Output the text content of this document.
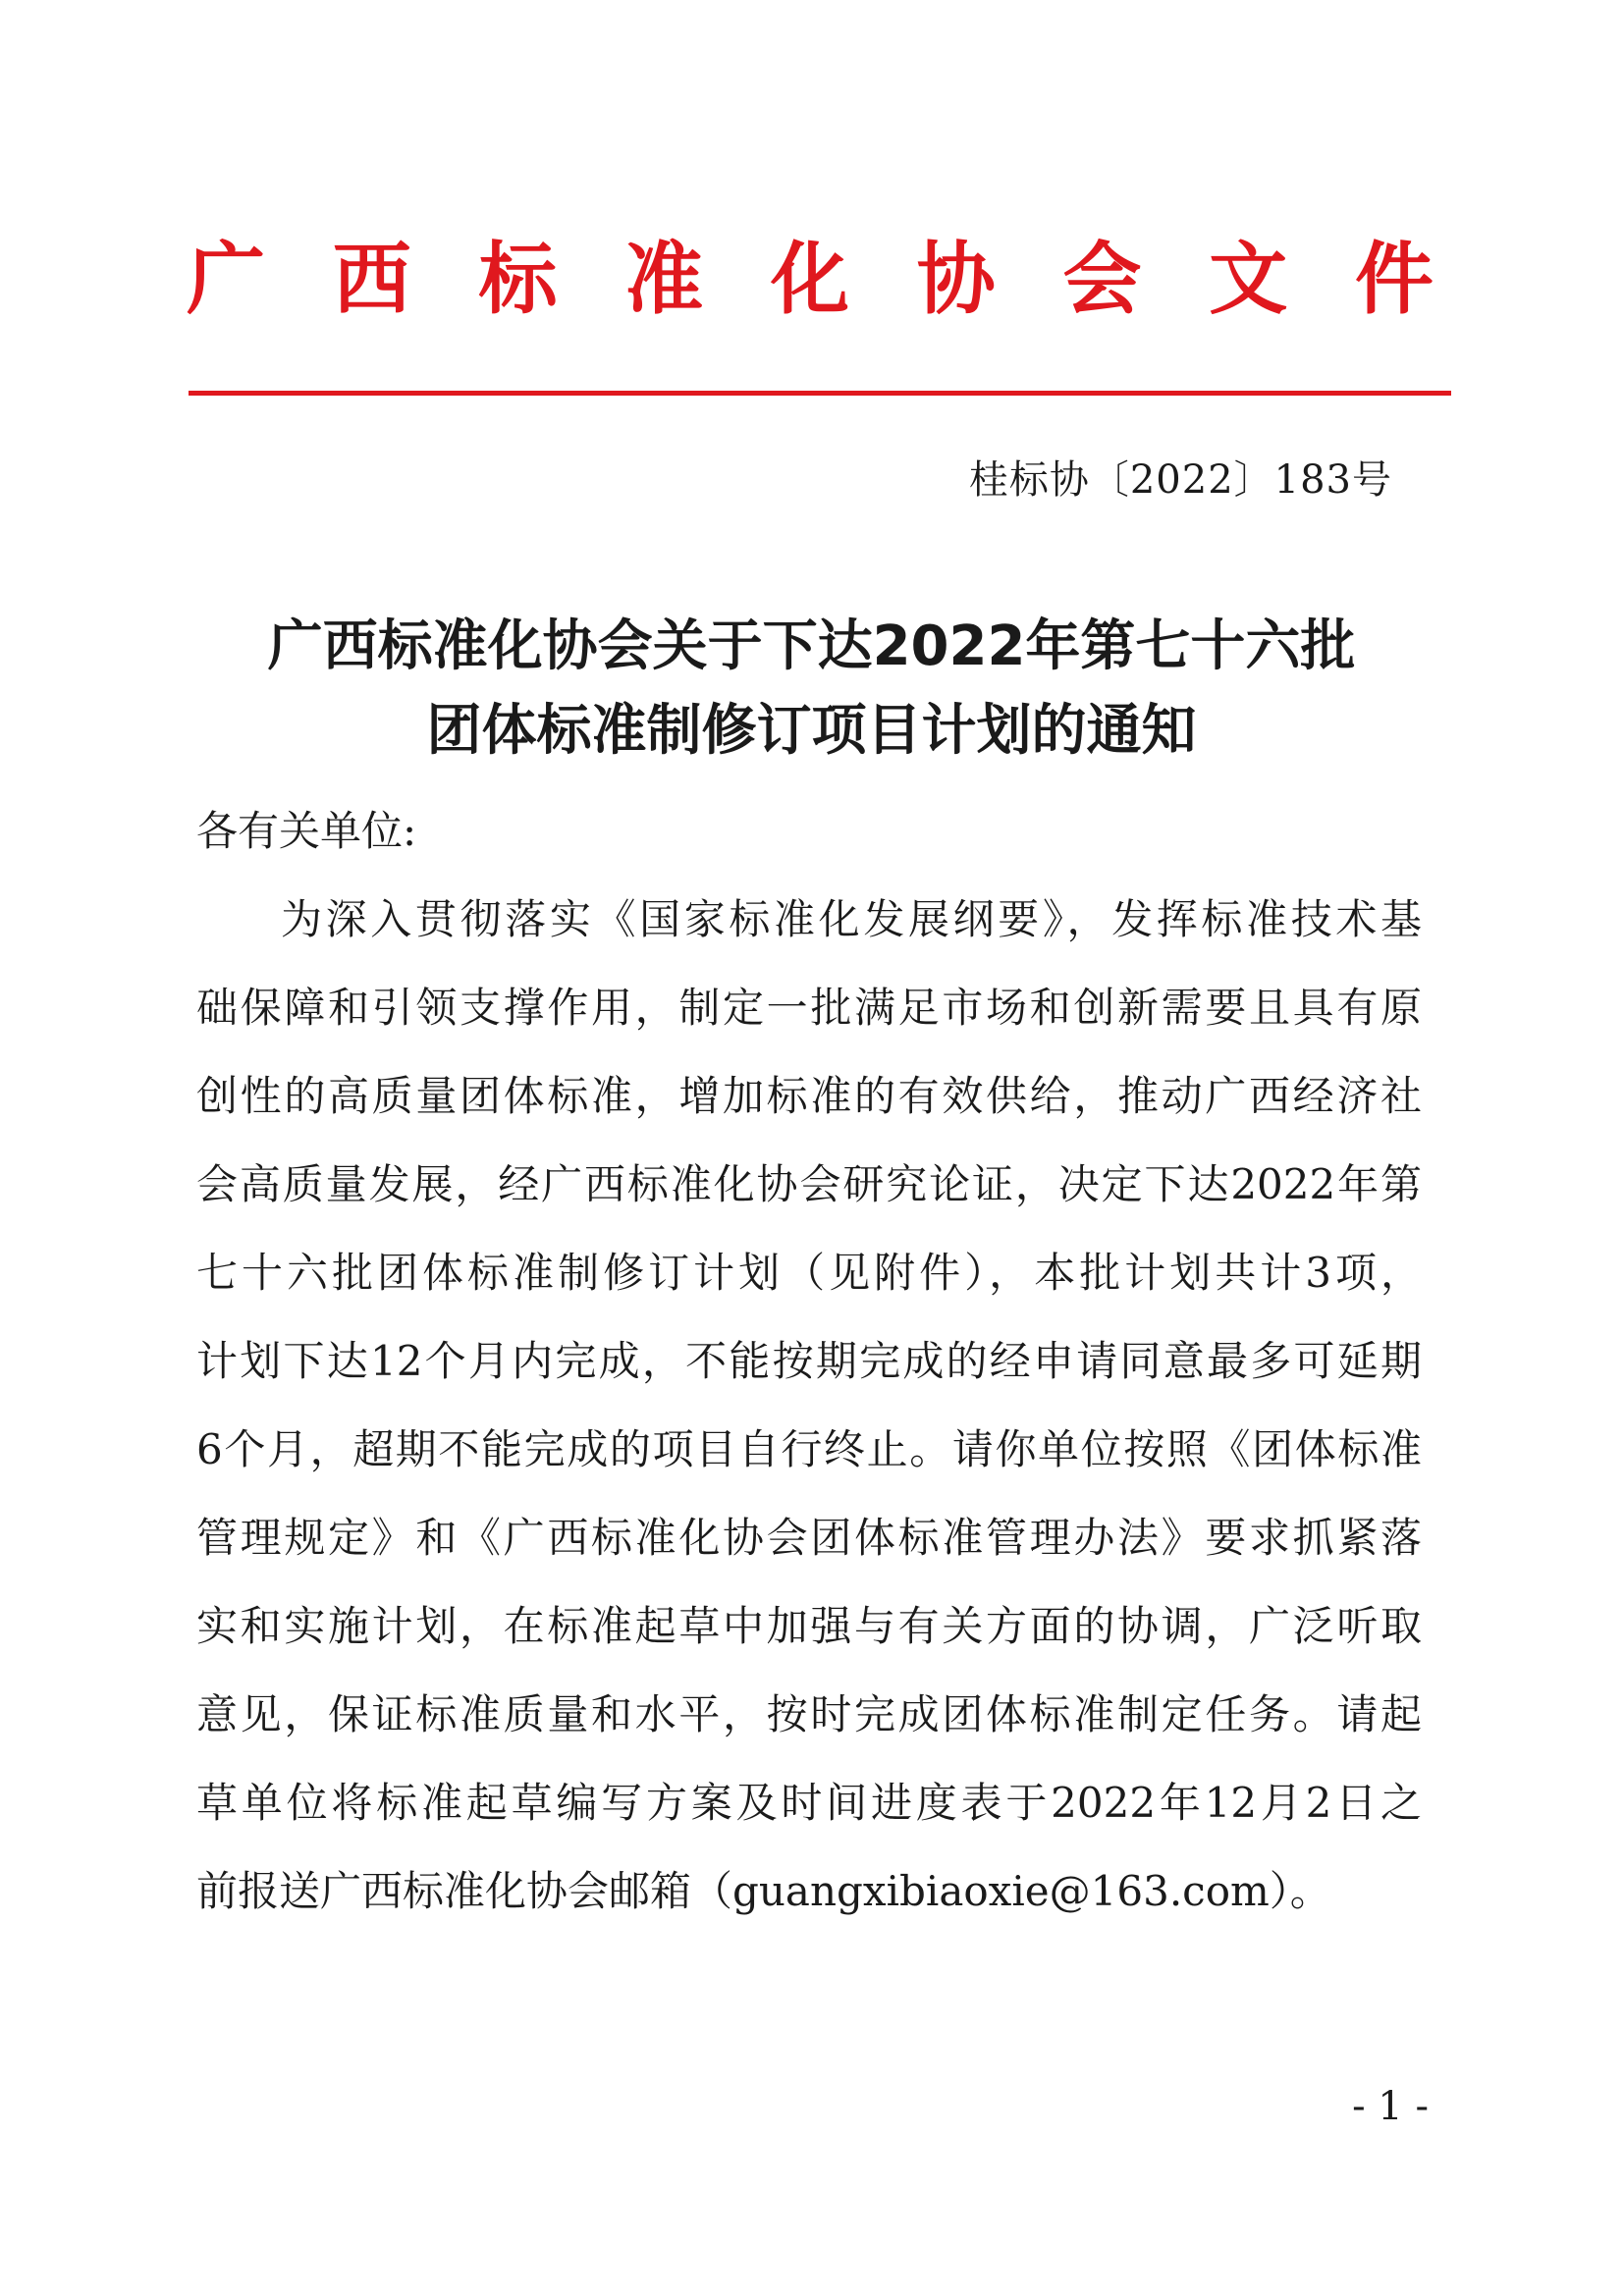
广 西 标 准 化 协 会 文 件
桂标协〔2022〕183号
广西标准化协会关于下达2022年第七十六批
团体标准制修订项目计划的通知
各有关单位:
为深入贯彻落实《国家标准化发展纲要》，发挥标准技术基
础保障和引领支撑作用，制定一批满足市场和创新需要且具有原
创性的高质量团体标准，增加标准的有效供给，推动广西经济社
会高质量发展，经广西标准化协会研究论证，决定下达2022年第
七十六批团体标准制修订计划（见附件），本批计划共计3项，
计划下达12个月内完成，不能按期完成的经申请同意最多可延期
6个月，超期不能完成的项目自行终止。请你单位按照《团体标准
管理规定》和《广西标准化协会团体标准管理办法》要求抓紧落
实和实施计划，在标准起草中加强与有关方面的协调，广泛听取
意见，保证标准质量和水平，按时完成团体标准制定任务。请起
草单位将标准起草编写方案及时间进度表于2022年12月2日之
前报送广西标准化协会邮箱（guangxibiaoxie@163.com）。
- 1 -
